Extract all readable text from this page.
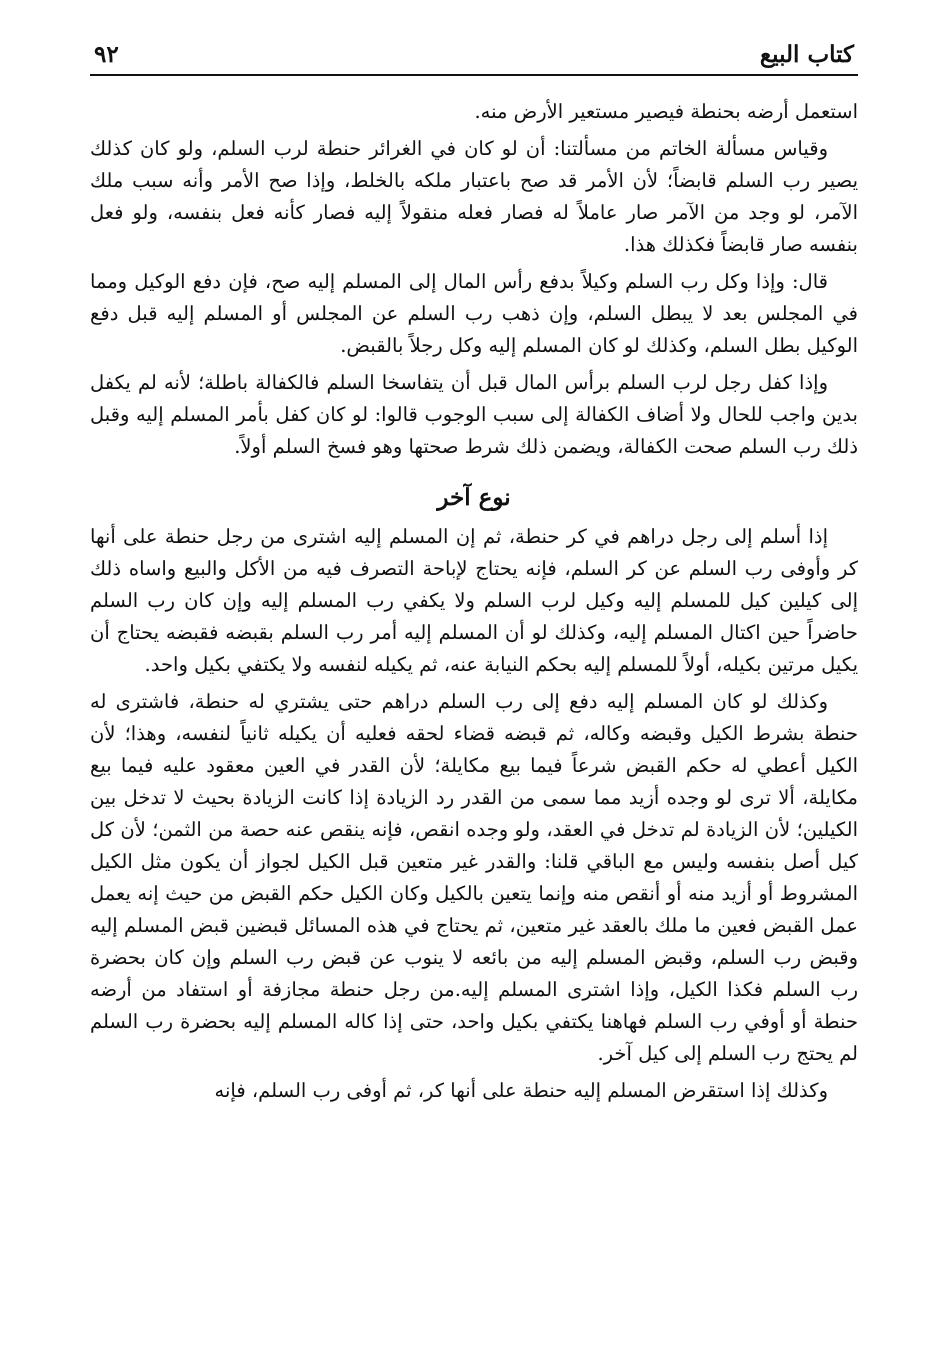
كتاب البيع
٩٢

استعمل أرضه بحنطة فيصير مستعير الأرض منه.

وقياس مسألة الخاتم من مسألتنا: أن لو كان في الغرائر حنطة لرب السلم، ولو كان كذلك يصير رب السلم قابضاً؛ لأن الأمر قد صح باعتبار ملكه بالخلط، وإذا صح الأمر وأنه سبب ملك الآمر، لو وجد من الآمر صار عاملاً له فصار فعله منقولاً إليه فصار كأنه فعل بنفسه، ولو فعل بنفسه صار قابضاً فكذلك هذا.

قال: وإذا وكل رب السلم وكيلاً بدفع رأس المال إلى المسلم إليه صح، فإن دفع الوكيل ومما في المجلس بعد لا يبطل السلم، وإن ذهب رب السلم عن المجلس أو المسلم إليه قبل دفع الوكيل بطل السلم، وكذلك لو كان المسلم إليه وكل رجلاً بالقبض.

وإذا كفل رجل لرب السلم برأس المال قبل أن يتفاسخا السلم فالكفالة باطلة؛ لأنه لم يكفل بدين واجب للحال ولا أضاف الكفالة إلى سبب الوجوب قالوا: لو كان كفل بأمر المسلم إليه وقبل ذلك رب السلم صحت الكفالة، ويضمن ذلك شرط صحتها وهو فسخ السلم أولاً.

نوع آخر

إذا أسلم إلى رجل دراهم في كر حنطة، ثم إن المسلم إليه اشترى من رجل حنطة على أنها كر وأوفى رب السلم عن كر السلم، فإنه يحتاج لإباحة التصرف فيه من الأكل والبيع واساه ذلك إلى كيلين كيل للمسلم إليه وكيل لرب السلم ولا يكفي رب المسلم إليه وإن كان رب السلم حاضراً حين اكتال المسلم إليه، وكذلك لو أن المسلم إليه أمر رب السلم بقبضه فقبضه يحتاج أن يكيل مرتين بكيله، أولاً للمسلم إليه بحكم النيابة عنه، ثم يكيله لنفسه ولا يكتفي بكيل واحد.

وكذلك لو كان المسلم إليه دفع إلى رب السلم دراهم حتى يشتري له حنطة، فاشترى له حنطة بشرط الكيل وقبضه وكاله، ثم قبضه قضاء لحقه فعليه أن يكيله ثانياً لنفسه، وهذا؛ لأن الكيل أعطي له حكم القبض شرعاً فيما بيع مكايلة؛ لأن القدر في العين معقود عليه فيما بيع مكايلة، ألا ترى لو وجده أزيد مما سمى من القدر رد الزيادة إذا كانت الزيادة بحيث لا تدخل بين الكيلين؛ لأن الزيادة لم تدخل في العقد، ولو وجده انقص، فإنه ينقص عنه حصة من الثمن؛ لأن كل كيل أصل بنفسه وليس مع الباقي قلنا: والقدر غير متعين قبل الكيل لجواز أن يكون مثل الكيل المشروط أو أزيد منه أو أنقص منه وإنما يتعين بالكيل وكان الكيل حكم القبض من حيث إنه يعمل عمل القبض فعين ما ملك بالعقد غير متعين، ثم يحتاج في هذه المسائل قبضين قبض المسلم إليه وقبض رب السلم، وقبض المسلم إليه من بائعه لا ينوب عن قبض رب السلم وإن كان بحضرة رب السلم فكذا الكيل، وإذا اشترى المسلم إليه.من رجل حنطة مجازفة أو استفاد من أرضه حنطة أو أوفي رب السلم فهاهنا يكتفي بكيل واحد، حتى إذا كاله المسلم إليه بحضرة رب السلم لم يحتج رب السلم إلى كيل آخر.

وكذلك إذا استقرض المسلم إليه حنطة على أنها كر، ثم أوفى رب السلم، فإنه
